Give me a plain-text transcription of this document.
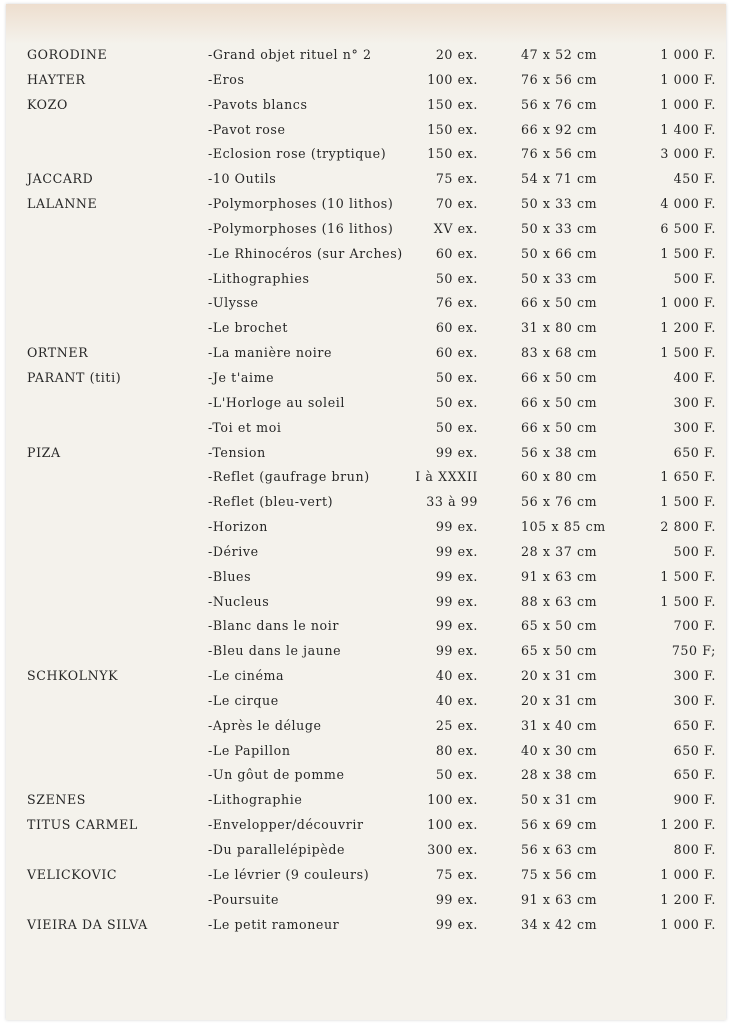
GORODINE	-Grand objet rituel n° 2	20 ex.	47 x 52 cm	1 000 F.
HAYTER	-Eros	100 ex.	76 x 56 cm	1 000 F.
KOZO	-Pavots blancs	150 ex.	56 x 76 cm	1 000 F.
-Pavot rose	150 ex.	66 x 92 cm	1 400 F.
-Eclosion rose (tryptique)	150 ex.	76 x 56 cm	3 000 F.
JACCARD	-10 Outils	75 ex.	54 x 71 cm	450 F.
LALANNE	-Polymorphoses (10 lithos)	70 ex.	50 x 33 cm	4 000 F.
-Polymorphoses (16 lithos)	XV ex.	50 x 33 cm	6 500 F.
-Le Rhinocéros (sur Arches)	60 ex.	50 x 66 cm	1 500 F.
-Lithographies	50 ex.	50 x 33 cm	500 F.
-Ulysse	76 ex.	66 x 50 cm	1 000 F.
-Le brochet	60 ex.	31 x 80 cm	1 200 F.
ORTNER	-La manière noire	60 ex.	83 x 68 cm	1 500 F.
PARANT (titi)	-Je t'aime	50 ex.	66 x 50 cm	400 F.
-L'Horloge au soleil	50 ex.	66 x 50 cm	300 F.
-Toi et moi	50 ex.	66 x 50 cm	300 F.
PIZA	-Tension	99 ex.	56 x 38 cm	650 F.
-Reflet (gaufrage brun)	I à XXXII	60 x 80 cm	1 650 F.
-Reflet (bleu-vert)	33 à 99	56 x 76 cm	1 500 F.
-Horizon	99 ex.	105 x 85 cm	2 800 F.
-Dérive	99 ex.	28 x 37 cm	500 F.
-Blues	99 ex.	91 x 63 cm	1 500 F.
-Nucleus	99 ex.	88 x 63 cm	1 500 F.
-Blanc dans le noir	99 ex.	65 x 50 cm	700 F.
-Bleu dans le jaune	99 ex.	65 x 50 cm	750 F;
SCHKOLNYK	-Le cinéma	40 ex.	20 x 31 cm	300 F.
-Le cirque	40 ex.	20 x 31 cm	300 F.
-Après le déluge	25 ex.	31 x 40 cm	650 F.
-Le Papillon	80 ex.	40 x 30 cm	650 F.
-Un gôut de pomme	50 ex.	28 x 38 cm	650 F.
SZENES	-Lithographie	100 ex.	50 x 31 cm	900 F.
TITUS CARMEL	-Envelopper/découvrir	100 ex.	56 x 69 cm	1 200 F.
-Du parallelépipède	300 ex.	56 x 63 cm	800 F.
VELICKOVIC	-Le lévrier (9 couleurs)	75 ex.	75 x 56 cm	1 000 F.
-Poursuite	99 ex.	91 x 63 cm	1 200 F.
VIEIRA DA SILVA	-Le petit ramoneur	99 ex.	34 x 42 cm	1 000 F.
